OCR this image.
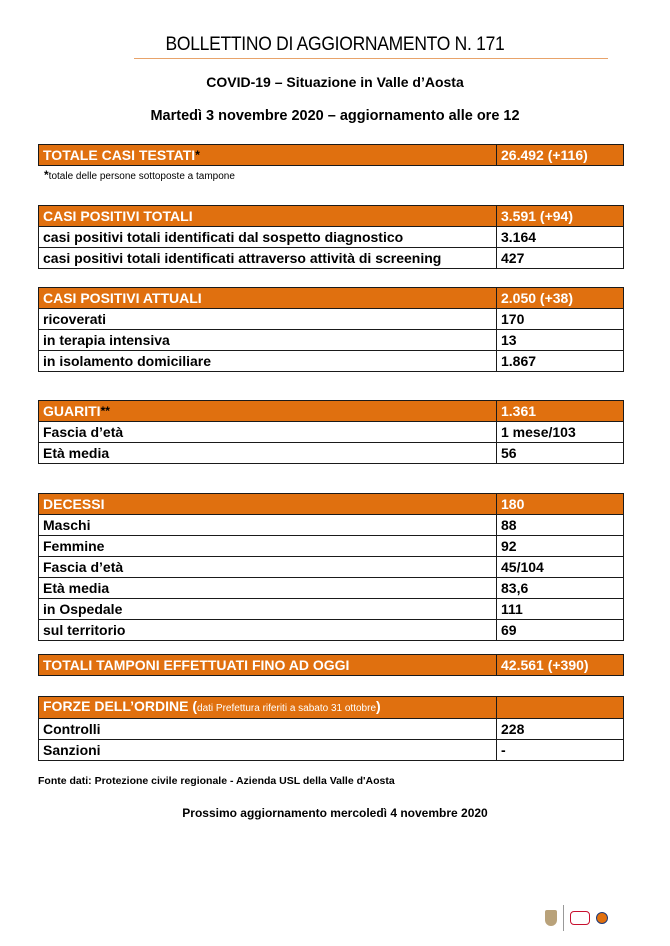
BOLLETTINO DI AGGIORNAMENTO N. 171
COVID-19 – Situazione in Valle d’Aosta
Martedì 3 novembre 2020 – aggiornamento alle ore 12
TOTALE CASI TESTATI*	26.492 (+116)
*totale delle persone sottoposte a tampone
CASI POSITIVI TOTALI	3.591 (+94)
casi positivi totali identificati dal sospetto diagnostico	3.164
casi positivi totali identificati attraverso attività di screening	427
CASI POSITIVI ATTUALI	2.050 (+38)
ricoverati	170
in terapia intensiva	13
in isolamento domiciliare	1.867
GUARITI**	1.361
Fascia d’età	1 mese/103
Età media	56
DECESSI	180
Maschi	88
Femmine	92
Fascia d’età	45/104
Età media	83,6
in Ospedale	111
sul territorio	69
TOTALI TAMPONI EFFETTUATI FINO AD OGGI	42.561 (+390)
FORZE DELL’ORDINE (dati Prefettura riferiti a sabato 31 ottobre)	
Controlli	228
Sanzioni	-
Fonte dati: Protezione civile regionale - Azienda USL della Valle d'Aosta
Prossimo aggiornamento mercoledì 4 novembre 2020
